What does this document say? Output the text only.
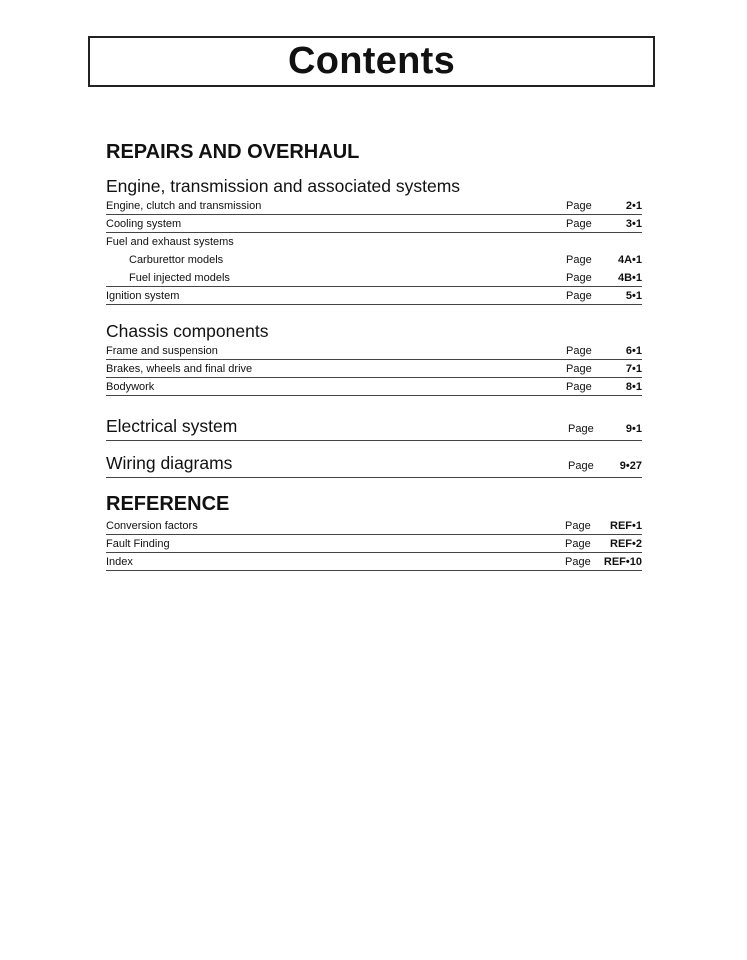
Contents
REPAIRS AND OVERHAUL
Engine, transmission and associated systems
Engine, clutch and transmission	Page	2•1
Cooling system	Page	3•1
Fuel and exhaust systems
Carburettor models	Page	4A•1
Fuel injected models	Page	4B•1
Ignition system	Page	5•1
Chassis components
Frame and suspension	Page	6•1
Brakes, wheels and final drive	Page	7•1
Bodywork	Page	8•1
Electrical system	Page	9•1
Wiring diagrams	Page	9•27
REFERENCE
Conversion factors	Page	REF•1
Fault Finding	Page	REF•2
Index	Page	REF•10
